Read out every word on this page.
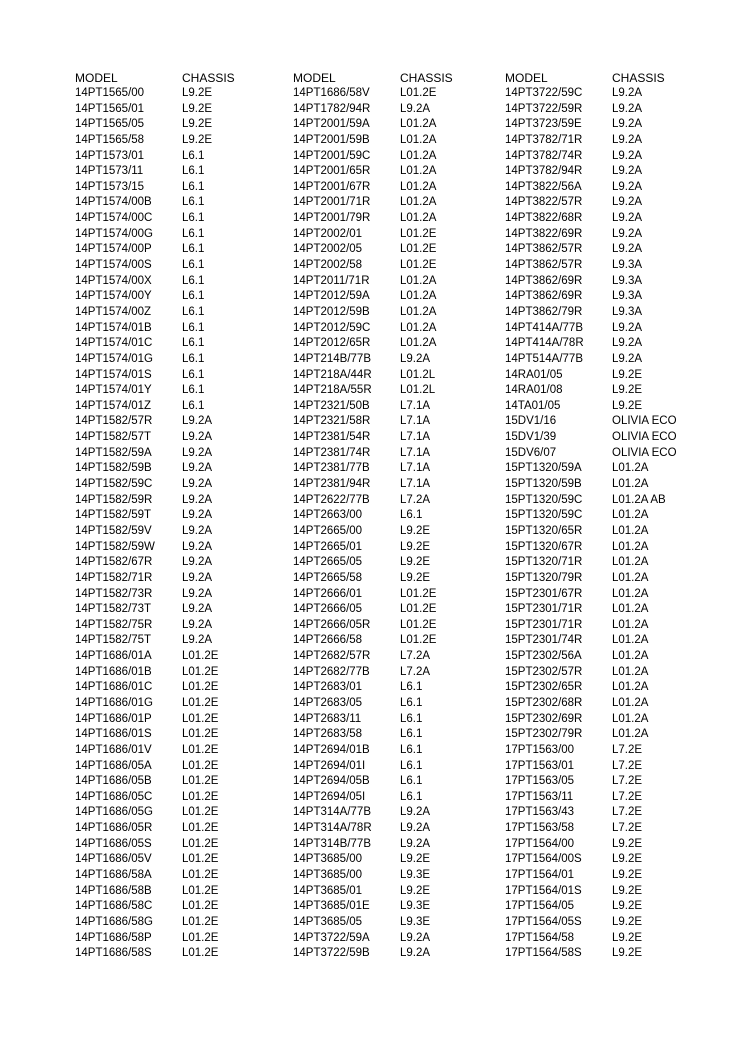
MODEL	CHASSIS
14PT1565/00	L9.2E
14PT1565/01	L9.2E
14PT1565/05	L9.2E
14PT1565/58	L9.2E
14PT1573/01	L6.1
14PT1573/11	L6.1
14PT1573/15	L6.1
14PT1574/00B	L6.1
14PT1574/00C	L6.1
14PT1574/00G	L6.1
14PT1574/00P	L6.1
14PT1574/00S	L6.1
14PT1574/00X	L6.1
14PT1574/00Y	L6.1
14PT1574/00Z	L6.1
14PT1574/01B	L6.1
14PT1574/01C	L6.1
14PT1574/01G	L6.1
14PT1574/01S	L6.1
14PT1574/01Y	L6.1
14PT1574/01Z	L6.1
14PT1582/57R	L9.2A
14PT1582/57T	L9.2A
14PT1582/59A	L9.2A
14PT1582/59B	L9.2A
14PT1582/59C	L9.2A
14PT1582/59R	L9.2A
14PT1582/59T	L9.2A
14PT1582/59V	L9.2A
14PT1582/59W	L9.2A
14PT1582/67R	L9.2A
14PT1582/71R	L9.2A
14PT1582/73R	L9.2A
14PT1582/73T	L9.2A
14PT1582/75R	L9.2A
14PT1582/75T	L9.2A
14PT1686/01A	L01.2E
14PT1686/01B	L01.2E
14PT1686/01C	L01.2E
14PT1686/01G	L01.2E
14PT1686/01P	L01.2E
14PT1686/01S	L01.2E
14PT1686/01V	L01.2E
14PT1686/05A	L01.2E
14PT1686/05B	L01.2E
14PT1686/05C	L01.2E
14PT1686/05G	L01.2E
14PT1686/05R	L01.2E
14PT1686/05S	L01.2E
14PT1686/05V	L01.2E
14PT1686/58A	L01.2E
14PT1686/58B	L01.2E
14PT1686/58C	L01.2E
14PT1686/58G	L01.2E
14PT1686/58P	L01.2E
14PT1686/58S	L01.2E
MODEL	CHASSIS
14PT1686/58V	L01.2E
14PT1782/94R	L9.2A
14PT2001/59A	L01.2A
14PT2001/59B	L01.2A
14PT2001/59C	L01.2A
14PT2001/65R	L01.2A
14PT2001/67R	L01.2A
14PT2001/71R	L01.2A
14PT2001/79R	L01.2A
14PT2002/01	L01.2E
14PT2002/05	L01.2E
14PT2002/58	L01.2E
14PT2011/71R	L01.2A
14PT2012/59A	L01.2A
14PT2012/59B	L01.2A
14PT2012/59C	L01.2A
14PT2012/65R	L01.2A
14PT214B/77B	L9.2A
14PT218A/44R	L01.2L
14PT218A/55R	L01.2L
14PT2321/50B	L7.1A
14PT2321/58R	L7.1A
14PT2381/54R	L7.1A
14PT2381/74R	L7.1A
14PT2381/77B	L7.1A
14PT2381/94R	L7.1A
14PT2622/77B	L7.2A
14PT2663/00	L6.1
14PT2665/00	L9.2E
14PT2665/01	L9.2E
14PT2665/05	L9.2E
14PT2665/58	L9.2E
14PT2666/01	L01.2E
14PT2666/05	L01.2E
14PT2666/05R	L01.2E
14PT2666/58	L01.2E
14PT2682/57R	L7.2A
14PT2682/77B	L7.2A
14PT2683/01	L6.1
14PT2683/05	L6.1
14PT2683/11	L6.1
14PT2683/58	L6.1
14PT2694/01B	L6.1
14PT2694/01I	L6.1
14PT2694/05B	L6.1
14PT2694/05I	L6.1
14PT314A/77B	L9.2A
14PT314A/78R	L9.2A
14PT314B/77B	L9.2A
14PT3685/00	L9.2E
14PT3685/00	L9.3E
14PT3685/01	L9.2E
14PT3685/01E	L9.3E
14PT3685/05	L9.3E
14PT3722/59A	L9.2A
14PT3722/59B	L9.2A
MODEL	CHASSIS
14PT3722/59C	L9.2A
14PT3722/59R	L9.2A
14PT3723/59E	L9.2A
14PT3782/71R	L9.2A
14PT3782/74R	L9.2A
14PT3782/94R	L9.2A
14PT3822/56A	L9.2A
14PT3822/57R	L9.2A
14PT3822/68R	L9.2A
14PT3822/69R	L9.2A
14PT3862/57R	L9.2A
14PT3862/57R	L9.3A
14PT3862/69R	L9.3A
14PT3862/69R	L9.3A
14PT3862/79R	L9.3A
14PT414A/77B	L9.2A
14PT414A/78R	L9.2A
14PT514A/77B	L9.2A
14RA01/05	L9.2E
14RA01/08	L9.2E
14TA01/05	L9.2E
15DV1/16	OLIVIA ECO
15DV1/39	OLIVIA ECO
15DV6/07	OLIVIA ECO
15PT1320/59A	L01.2A
15PT1320/59B	L01.2A
15PT1320/59C	L01.2A AB
15PT1320/59C	L01.2A
15PT1320/65R	L01.2A
15PT1320/67R	L01.2A
15PT1320/71R	L01.2A
15PT1320/79R	L01.2A
15PT2301/67R	L01.2A
15PT2301/71R	L01.2A
15PT2301/71R	L01.2A
15PT2301/74R	L01.2A
15PT2302/56A	L01.2A
15PT2302/57R	L01.2A
15PT2302/65R	L01.2A
15PT2302/68R	L01.2A
15PT2302/69R	L01.2A
15PT2302/79R	L01.2A
17PT1563/00	L7.2E
17PT1563/01	L7.2E
17PT1563/05	L7.2E
17PT1563/11	L7.2E
17PT1563/43	L7.2E
17PT1563/58	L7.2E
17PT1564/00	L9.2E
17PT1564/00S	L9.2E
17PT1564/01	L9.2E
17PT1564/01S	L9.2E
17PT1564/05	L9.2E
17PT1564/05S	L9.2E
17PT1564/58	L9.2E
17PT1564/58S	L9.2E
